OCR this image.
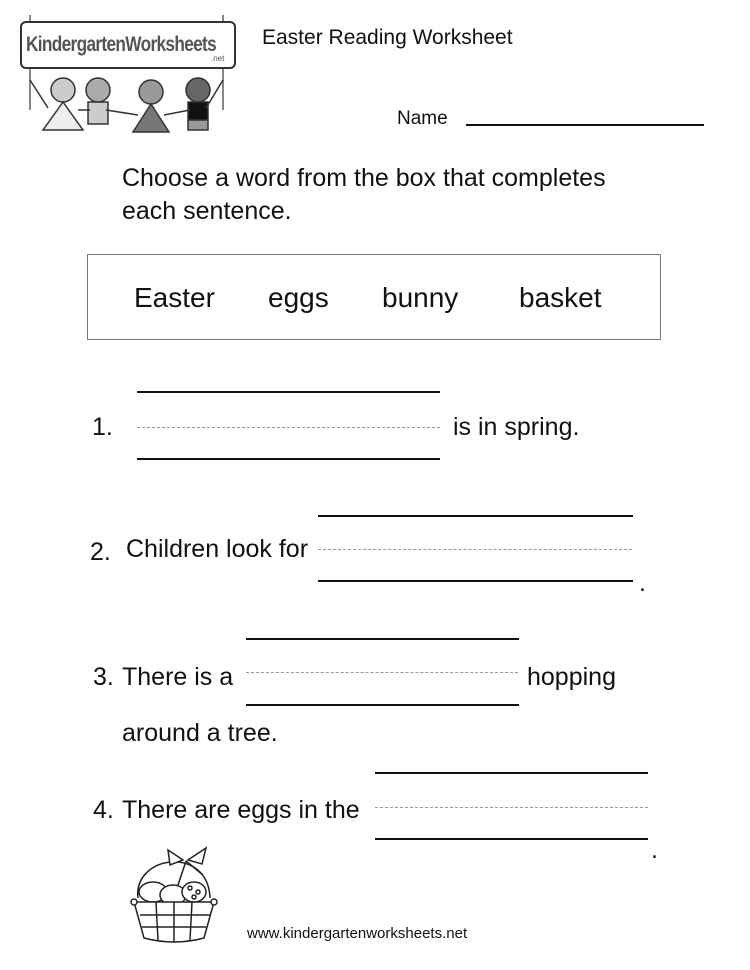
KindergartenWorksheets
.net
Easter Reading Worksheet
Name
Choose a word from the box that completes
each sentence.
Easter eggs bunny basket
1.	is in spring.
2. Children look for
.
3. There is a	hopping
around a tree.
4. There are eggs in the
.
www.kindergartenworksheets.net
